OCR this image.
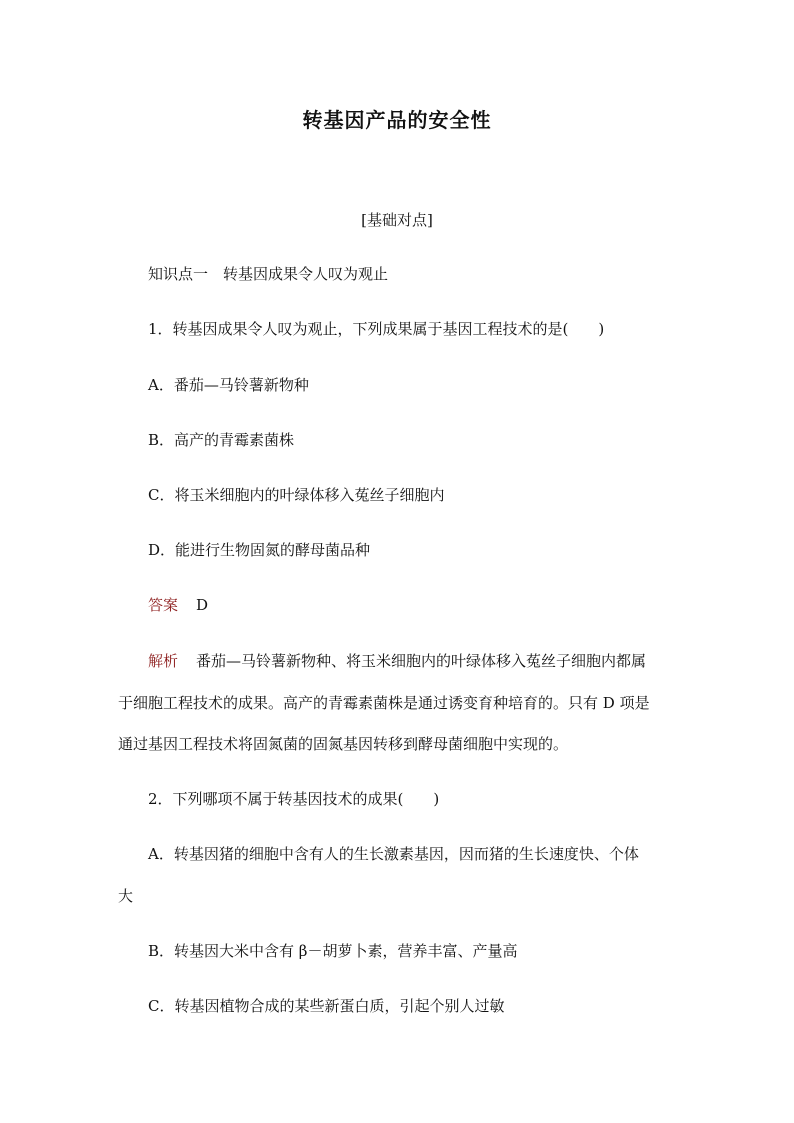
转基因产品的安全性
[基础对点]
知识点一　转基因成果令人叹为观止
1．转基因成果令人叹为观止，下列成果属于基因工程技术的是(　　)
A．番茄—马铃薯新物种
B．高产的青霉素菌株
C．将玉米细胞内的叶绿体移入菟丝子细胞内
D．能进行生物固氮的酵母菌品种
答案 D
解析 番茄—马铃薯新物种、将玉米细胞内的叶绿体移入菟丝子细胞内都属
于细胞工程技术的成果。高产的青霉素菌株是通过诱变育种培育的。只有 D 项是
通过基因工程技术将固氮菌的固氮基因转移到酵母菌细胞中实现的。
2．下列哪项不属于转基因技术的成果(　　)
A．转基因猪的细胞中含有人的生长激素基因，因而猪的生长速度快、个体
大
B．转基因大米中含有 β－胡萝卜素，营养丰富、产量高
C．转基因植物合成的某些新蛋白质，引起个别人过敏
